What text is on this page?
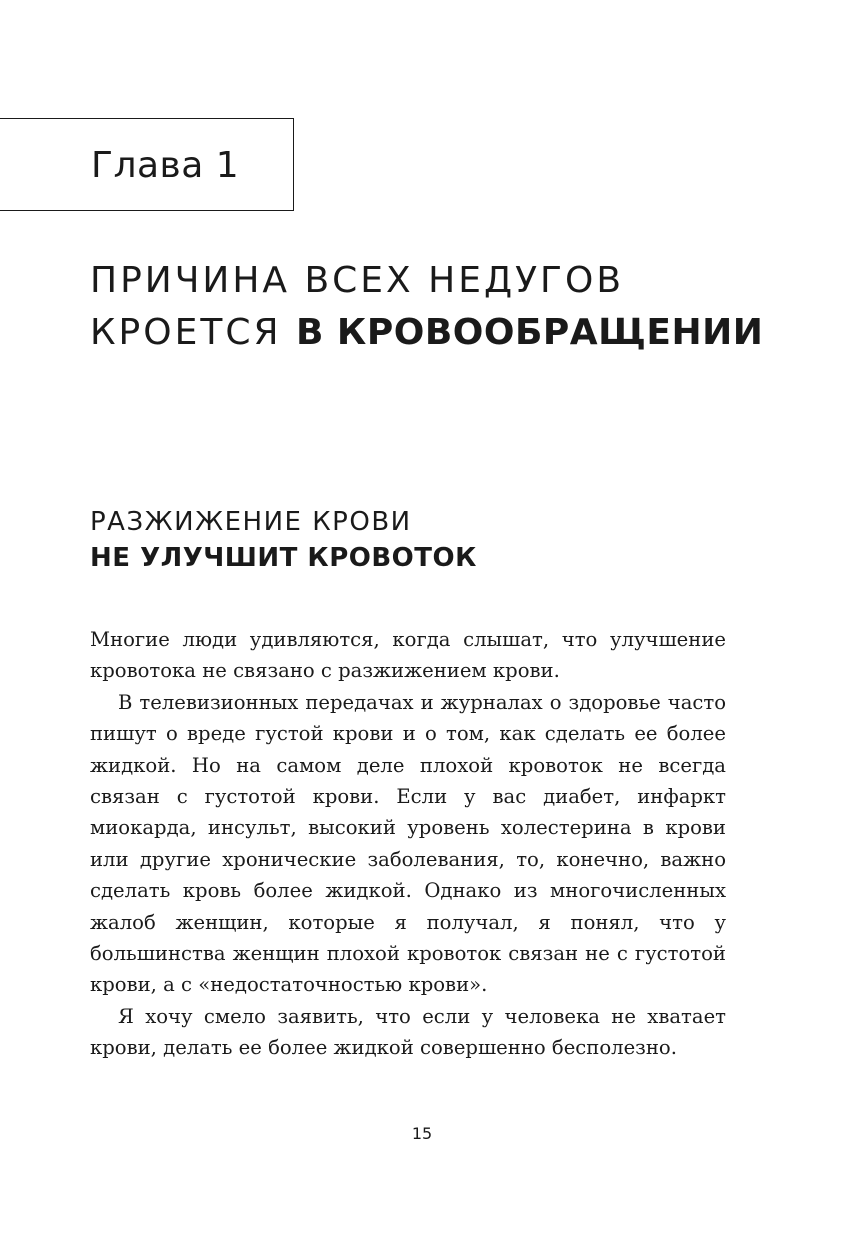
Глава 1
ПРИЧИНА ВСЕХ НЕДУГОВ
КРОЕТСЯ В КРОВООБРАЩЕНИИ
РАЗЖИЖЕНИЕ КРОВИ
НЕ УЛУЧШИТ КРОВОТОК

Многие люди удивляются, когда слышат, что улучшение кровотока не связано с разжижением крови.

В телевизионных передачах и журналах о здоровье часто пишут о вреде густой крови и о том, как сделать ее более жидкой. Но на самом деле плохой кровоток не всегда связан с густотой крови. Если у вас диабет, инфаркт миокарда, инсульт, высокий уровень холестерина в крови или другие хронические заболевания, то, конечно, важно сделать кровь более жидкой. Однако из многочисленных жалоб женщин, которые я получал, я понял, что у большинства женщин плохой кровоток связан не с густотой крови, а с «недостаточностью крови».

Я хочу смело заявить, что если у человека не хватает крови, делать ее более жидкой совершенно бесполезно.

15
